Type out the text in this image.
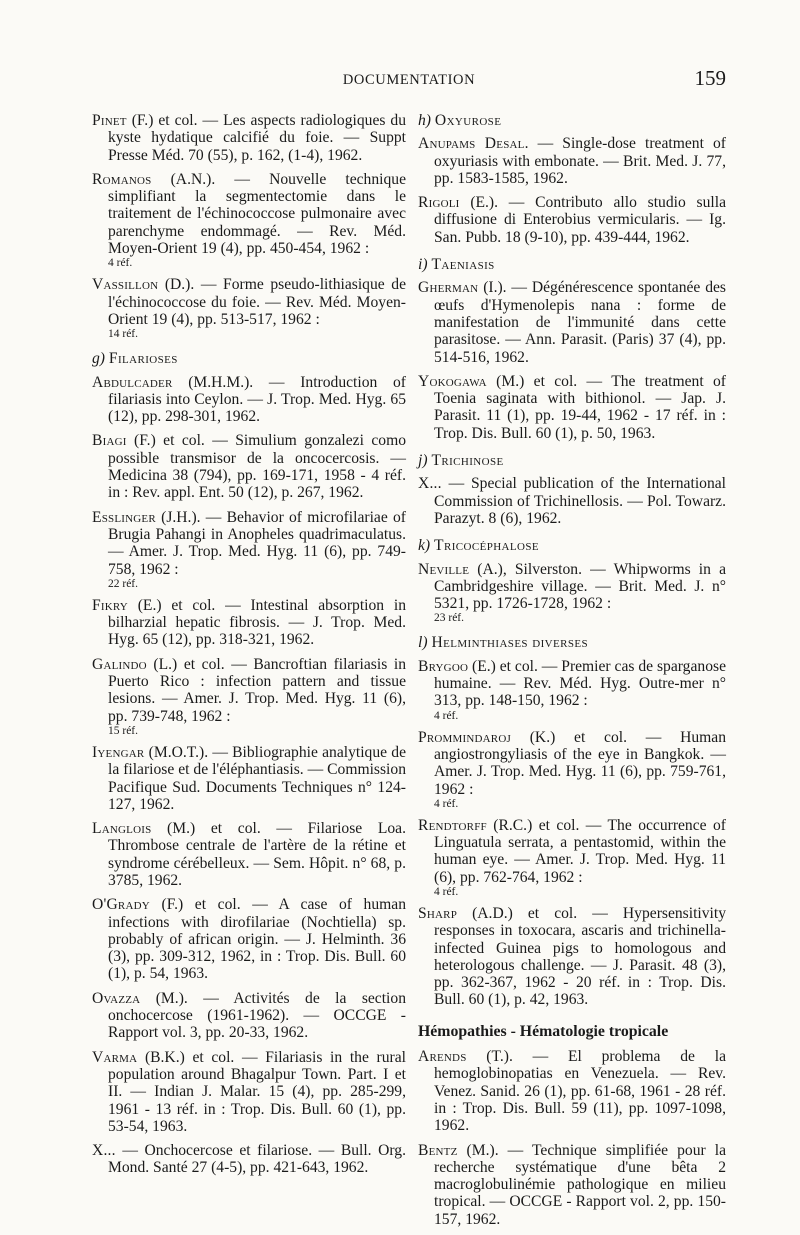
DOCUMENTATION	159

Pinet (F.) et col. — Les aspects radiologiques du kyste hydatique calcifié du foie. — Suppt Presse Méd. 70 (55), p. 162, (1-4), 1962.

Romanos (A.N.). — Nouvelle technique simplifiant la segmentectomie dans le traitement de l'échinococcose pulmonaire avec parenchyme endommagé. — Rev. Méd. Moyen-Orient 19 (4), pp. 450-454, 1962 :
4 réf.

Vassillon (D.). — Forme pseudo-lithiasique de l'échinococcose du foie. — Rev. Méd. Moyen-Orient 19 (4), pp. 513-517, 1962 :
14 réf.

g) Filarioses

Abdulcader (M.H.M.). — Introduction of filariasis into Ceylon. — J. Trop. Med. Hyg. 65 (12), pp. 298-301, 1962.

Biagi (F.) et col. — Simulium gonzalezi como possible transmisor de la oncocercosis. — Medicina 38 (794), pp. 169-171, 1958 - 4 réf. in : Rev. appl. Ent. 50 (12), p. 267, 1962.

Esslinger (J.H.). — Behavior of microfilariae of Brugia Pahangi in Anopheles quadrimaculatus. — Amer. J. Trop. Med. Hyg. 11 (6), pp. 749-758, 1962 :
22 réf.

Fikry (E.) et col. — Intestinal absorption in bilharzial hepatic fibrosis. — J. Trop. Med. Hyg. 65 (12), pp. 318-321, 1962.

Galindo (L.) et col. — Bancroftian filariasis in Puerto Rico : infection pattern and tissue lesions. — Amer. J. Trop. Med. Hyg. 11 (6), pp. 739-748, 1962 :
15 réf.

Iyengar (M.O.T.). — Bibliographie analytique de la filariose et de l'éléphantiasis. — Commission Pacifique Sud. Documents Techniques n° 124-127, 1962.

Langlois (M.) et col. — Filariose Loa. Thrombose centrale de l'artère de la rétine et syndrome cérébelleux. — Sem. Hôpit. n° 68, p. 3785, 1962.

O'Grady (F.) et col. — A case of human infections with dirofilariae (Nochtiella) sp. probably of african origin. — J. Helminth. 36 (3), pp. 309-312, 1962, in : Trop. Dis. Bull. 60 (1), p. 54, 1963.

Ovazza (M.). — Activités de la section onchocercose (1961-1962). — OCCGE - Rapport vol. 3, pp. 20-33, 1962.

Varma (B.K.) et col. — Filariasis in the rural population around Bhagalpur Town. Part. I et II. — Indian J. Malar. 15 (4), pp. 285-299, 1961 - 13 réf. in : Trop. Dis. Bull. 60 (1), pp. 53-54, 1963.

X... — Onchocercose et filariose. — Bull. Org. Mond. Santé 27 (4-5), pp. 421-643, 1962.

h) Oxyurose

Anupams Desal. — Single-dose treatment of oxyuriasis with embonate. — Brit. Med. J. 77, pp. 1583-1585, 1962.

Rigoli (E.). — Contributo allo studio sulla diffusione di Enterobius vermicularis. — Ig. San. Pubb. 18 (9-10), pp. 439-444, 1962.

i) Taeniasis

Gherman (I.). — Dégénérescence spontanée des œufs d'Hymenolepis nana : forme de manifestation de l'immunité dans cette parasitose. — Ann. Parasit. (Paris) 37 (4), pp. 514-516, 1962.

Yokogawa (M.) et col. — The treatment of Toenia saginata with bithionol. — Jap. J. Parasit. 11 (1), pp. 19-44, 1962 - 17 réf. in : Trop. Dis. Bull. 60 (1), p. 50, 1963.

j) Trichinose

X... — Special publication of the International Commission of Trichinellosis. — Pol. Towarz. Parazyt. 8 (6), 1962.

k) Tricocéphalose

Neville (A.), Silverston. — Whipworms in a Cambridgeshire village. — Brit. Med. J. n° 5321, pp. 1726-1728, 1962 :
23 réf.

l) Helminthiases diverses

Brygoo (E.) et col. — Premier cas de sparganose humaine. — Rev. Méd. Hyg. Outre-mer n° 313, pp. 148-150, 1962 :
4 réf.

Prommindaroj (K.) et col. — Human angiostrongyliasis of the eye in Bangkok. — Amer. J. Trop. Med. Hyg. 11 (6), pp. 759-761, 1962 :
4 réf.

Rendtorff (R.C.) et col. — The occurrence of Linguatula serrata, a pentastomid, within the human eye. — Amer. J. Trop. Med. Hyg. 11 (6), pp. 762-764, 1962 :
4 réf.

Sharp (A.D.) et col. — Hypersensitivity responses in toxocara, ascaris and trichinella-infected Guinea pigs to homologous and heterologous challenge. — J. Parasit. 48 (3), pp. 362-367, 1962 - 20 réf. in : Trop. Dis. Bull. 60 (1), p. 42, 1963.

Hémopathies - Hématologie tropicale

Arends (T.). — El problema de la hemoglobinopatias en Venezuela. — Rev. Venez. Sanid. 26 (1), pp. 61-68, 1961 - 28 réf. in : Trop. Dis. Bull. 59 (11), pp. 1097-1098, 1962.

Bentz (M.). — Technique simplifiée pour la recherche systématique d'une bêta 2 macroglobulinémie pathologique en milieu tropical. — OCCGE - Rapport vol. 2, pp. 150-157, 1962.
